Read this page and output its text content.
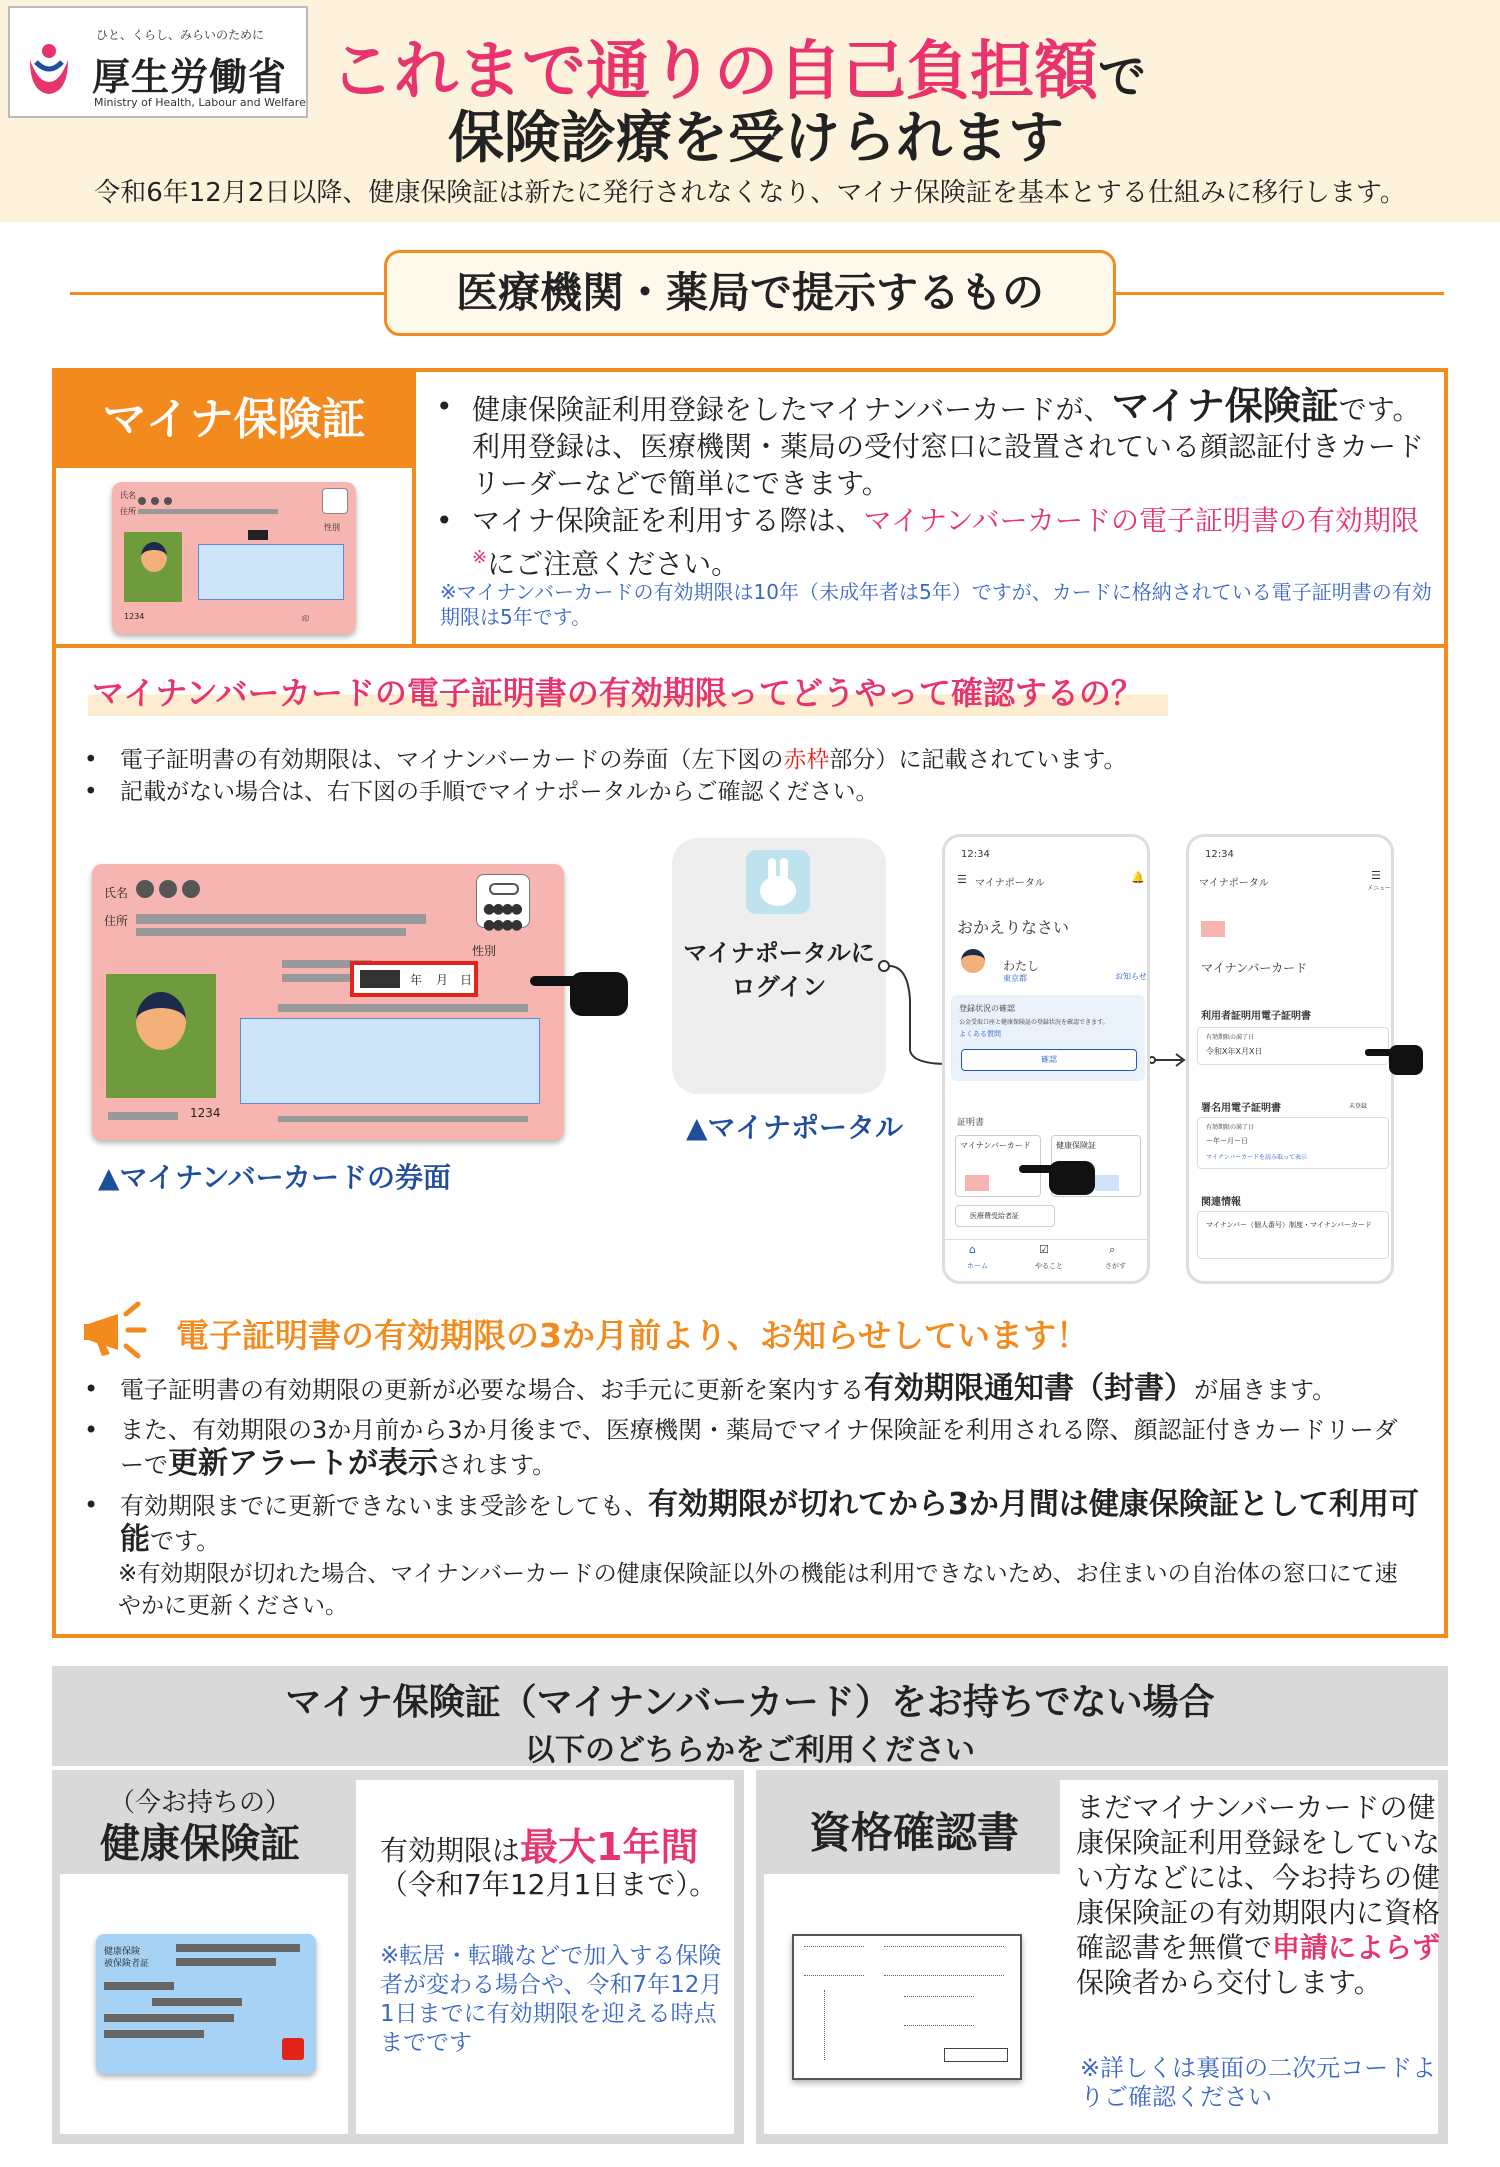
ひと、くらし、みらいのために
厚生労働省
Ministry of Health, Labour and Welfare これまで通りの自己負担額で
保険診療を受けられます
令和6年12月2日以降、健康保険証は新たに発行されなくなり、マイナ保険証を基本とする仕組みに移行します。
医療機関・薬局で提示するもの
マイナ保険証
氏名

住所
性別
1234	印
• 健康保険証利用登録をしたマイナンバーカードが、マイナ保険証です。利用登録は、医療機関・薬局の受付窓口に設置されている顔認証付きカードリーダーなどで簡単にできます。
• マイナ保険証を利用する際は、マイナンバーカードの電子証明書の有効期限※にご注意ください。
※マイナンバーカードの有効期限は10年（未成年者は5年）ですが、カードに格納されている電子証明書の有効期限は5年です。
マイナンバーカードの電子証明書の有効期限ってどうやって確認するの？
• 電子証明書の有効期限は、マイナンバーカードの券面（左下図の赤枠部分）に記載されています。
• 記載がない場合は、右下図の手順でマイナポータルからご確認ください。
氏名

住所
●●●●
●●●●
性別
年 月 日
1234
▲マイナンバーカードの券面
マイナポータルに
ログイン
▲マイナポータル
12:34
☰ マイナポータル	🔔
おかえりなさい
わたし
東京都	お知らせ
登録状況の確認
公金受取口座と健康保険証の登録状況を確認できます。
よくある質問
確認
証明書
マイナンバーカード	健康保険証
医療費受給者証
⌂
ホーム
☑
やること
⌕
さがす
12:34
マイナポータル
☰
メニュー
マイナンバーカード
利用者証明用電子証明書
有効期限の満了日
令和X年X月X日
署名用電子証明書	未登録
有効期限の満了日
ー年ー月ー日
マイナンバーカードを読み取って表示
関連情報
マイナンバー（個人番号）制度・マイナンバーカード
電子証明書の有効期限の3か月前より、お知らせしています！
• 電子証明書の有効期限の更新が必要な場合、お手元に更新を案内する有効期限通知書（封書）が届きます。
• また、有効期限の3か月前から3か月後まで、医療機関・薬局でマイナ保険証を利用される際、顔認証付きカードリーダーで更新アラートが表示されます。
• 有効期限までに更新できないまま受診をしても、有効期限が切れてから3か月間は健康保険証として利用可能です。
※有効期限が切れた場合、マイナンバーカードの健康保険証以外の機能は利用できないため、お住まいの自治体の窓口にて速やかに更新ください。
マイナ保険証（マイナンバーカード）をお持ちでない場合
以下のどちらかをご利用ください
（今お持ちの）
健康保険証
健康保険
被保険者証
有効期限は最大1年間
（令和7年12月1日まで）。
※転居・転職などで加入する保険者が変わる場合や、令和7年12月1日までに有効期限を迎える時点までです
資格確認書
まだマイナンバーカードの健康保険証利用登録をしていない方などには、今お持ちの健康保険証の有効期限内に資格確認書を無償で申請によらず保険者から交付します。
※詳しくは裏面の二次元コードよりご確認ください
